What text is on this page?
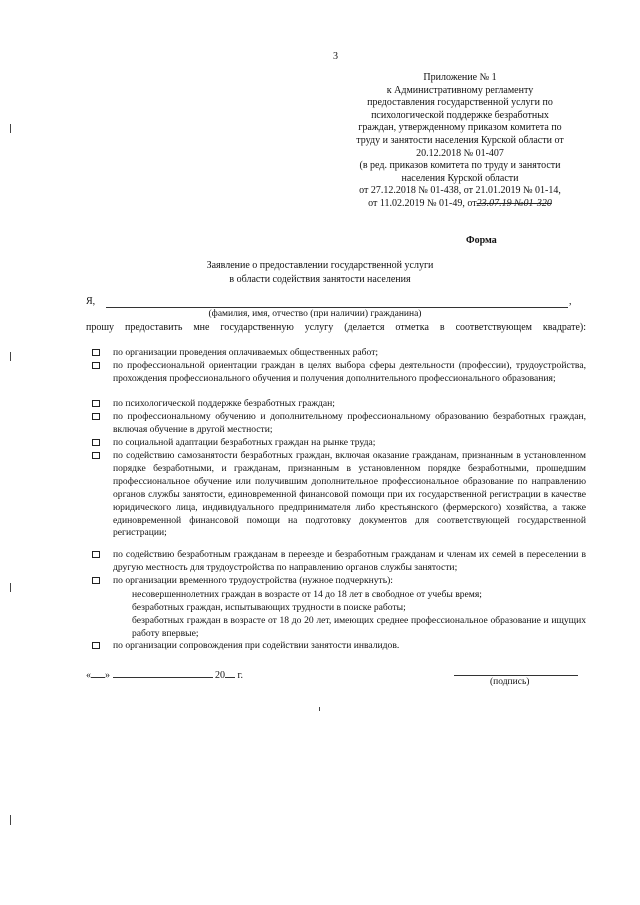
3
Приложение № 1
к Административному регламенту
предоставления государственной услуги по
психологической поддержке безработных
граждан, утвержденному приказом комитета по
труду и занятости населения Курской области от
20.12.2018 № 01-407
(в ред. приказов комитета по труду и занятости
населения Курской области
от 27.12.2018 № 01-438, от 21.01.2019 № 01-14,
от 11.02.2019 № 01-49, от23.07.19 №01-320
Форма
Заявление о предоставлении государственной услуги
в области содействия занятости населения
Я,	,
(фамилия, имя, отчество (при наличии) гражданина)
прошу предоставить мне государственную услугу (делается отметка в соответствующем квадрате):
по организации проведения оплачиваемых общественных работ;
по профессиональной ориентации граждан в целях выбора сферы деятельности (профессии), трудоустройства, прохождения профессионального обучения и получения дополнительного профессионального образования;
по психологической поддержке безработных граждан;
по профессиональному обучению и дополнительному профессиональному образованию безработных граждан, включая обучение в другой местности;
по социальной адаптации безработных граждан на рынке труда;
по содействию самозанятости безработных граждан, включая оказание гражданам, признанным в установленном порядке безработными, и гражданам, признанным в установленном порядке безработными, прошедшим профессиональное обучение или получившим дополнительное профессиональное образование по направлению органов службы занятости, единовременной финансовой помощи при их государственной регистрации в качестве юридического лица, индивидуального предпринимателя либо крестьянского (фермерского) хозяйства, а также единовременной финансовой помощи на подготовку документов для соответствующей государственной регистрации;
по содействию безработным гражданам в переезде и безработным гражданам и членам их семей в переселении в другую местность для трудоустройства по направлению органов службы занятости;
по организации временного трудоустройства (нужное подчеркнуть):
несовершеннолетних граждан в возрасте от 14 до 18 лет в свободное от учебы время;
безработных граждан, испытывающих трудности в поиске работы;
безработных граждан в возрасте от 18 до 20 лет, имеющих среднее профессиональное образование и ищущих работу впервые;
по организации сопровождения при содействии занятости инвалидов.
« »	20 г.
(подпись)
